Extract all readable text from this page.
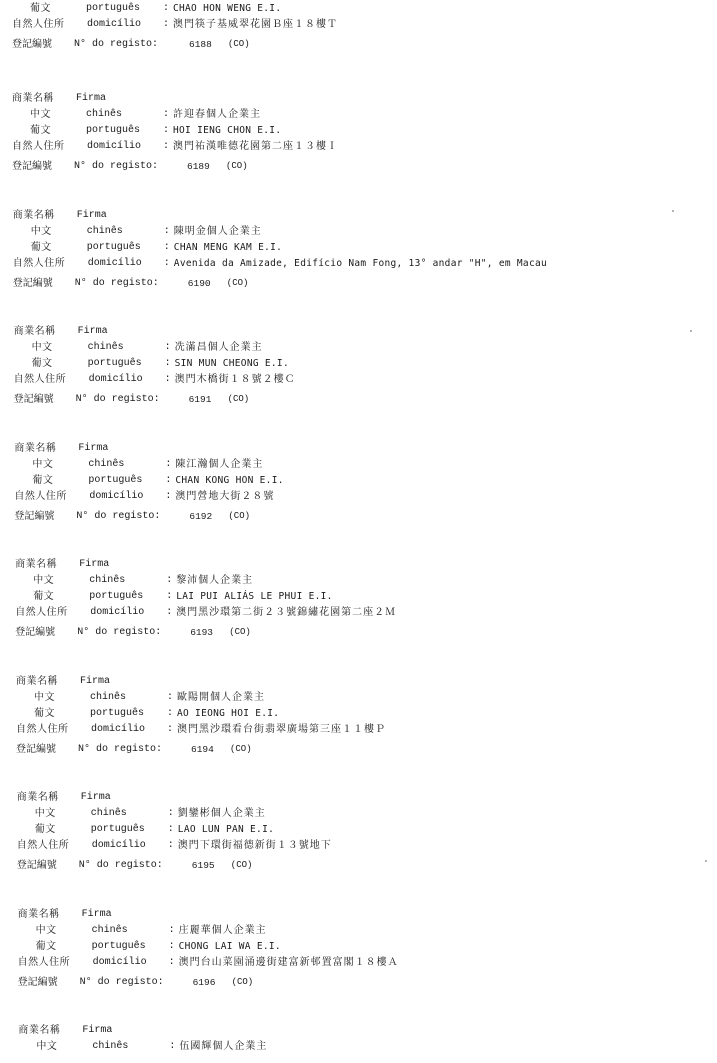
葡文	português : CHAO HON WENG E.I.
自然人住所 domicílio : 澳門筷子基威翠花園Ｂ座１８樓Ｔ
登記編號 N° do registo:	6188 (CO)
商業名稱 Firma
中文	chinês	: 許迎春個人企業主
葡文	português : HOI IENG CHON E.I.
自然人住所 domicílio : 澳門祐漢唯德花園第二座１３樓Ｉ
登記編號 N° do registo:	6189 (CO)
商業名稱 Firma
中文	chinês	: 陳明金個人企業主
葡文	português : CHAN MENG KAM E.I.
自然人住所 domicílio : Avenida da Amizade, Edifício Nam Fong, 13° andar "H", em Macau
登記編號 N° do registo:	6190 (CO)
商業名稱 Firma
中文	chinês	: 冼滿昌個人企業主
葡文	português : SIN MUN CHEONG E.I.
自然人住所 domicílio : 澳門木橋街１８號２樓Ｃ
登記編號 N° do registo:	6191 (CO)
商業名稱 Firma
中文	chinês	: 陳江瀚個人企業主
葡文	português : CHAN KONG HON E.I.
自然人住所 domicílio : 澳門營地大街２８號
登記編號 N° do registo:	6192 (CO)
商業名稱 Firma
中文	chinês	: 黎沛個人企業主
葡文	português : LAI PUI ALIÁS LE PHUI E.I.
自然人住所 domicílio : 澳門黑沙環第二街２３號錦繡花園第二座２Ｍ
登記編號 N° do registo:	6193 (CO)
商業名稱 Firma
中文	chinês	: 歐陽開個人企業主
葡文	português : AO IEONG HOI E.I.
自然人住所 domicílio : 澳門黑沙環看台街翡翠廣場第三座１１樓Ｐ
登記編號 N° do registo:	6194 (CO)
商業名稱 Firma
中文	chinês	: 劉鑾彬個人企業主
葡文	português : LAO LUN PAN E.I.
自然人住所 domicílio : 澳門下環街福德新街１３號地下
登記編號 N° do registo:	6195 (CO)
商業名稱 Firma
中文	chinês	: 庄麗華個人企業主
葡文	português : CHONG LAI WA E.I.
自然人住所 domicílio : 澳門台山菜園涌邊街建富新邨置富閣１８樓Ａ
登記編號 N° do registo:	6196 (CO)
商業名稱 Firma
中文	chinês	: 伍國輝個人企業主
